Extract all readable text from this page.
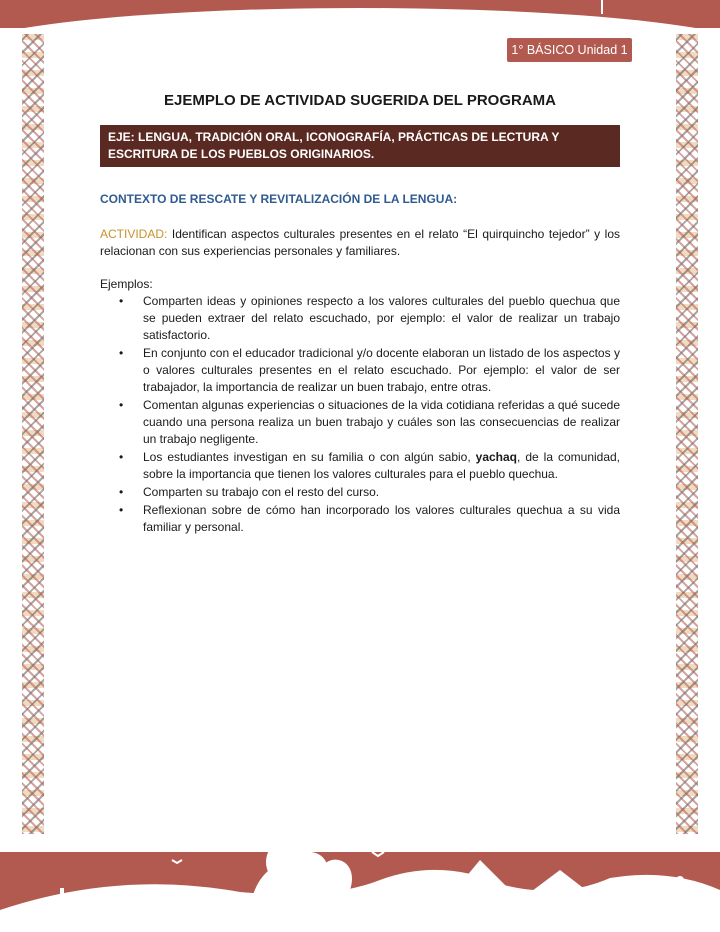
1° BÁSICO Unidad 1
EJEMPLO DE ACTIVIDAD SUGERIDA DEL PROGRAMA
EJE: LENGUA, TRADICIÓN ORAL, ICONOGRAFÍA, PRÁCTICAS DE LECTURA Y ESCRITURA DE LOS PUEBLOS ORIGINARIOS.
CONTEXTO DE RESCATE Y REVITALIZACIÓN DE LA LENGUA:

ACTIVIDAD: Identifican aspectos culturales presentes en el relato “El quirquincho tejedor” y los relacionan con sus experiencias personales y familiares.

Ejemplos:
• Comparten ideas y opiniones respecto a los valores culturales del pueblo quechua que se pueden extraer del relato escuchado, por ejemplo: el valor de realizar un trabajo satisfactorio.
• En conjunto con el educador tradicional y/o docente elaboran un listado de los aspectos y o valores culturales presentes en el relato escuchado. Por ejemplo: el valor de ser trabajador, la importancia de realizar un buen trabajo, entre otras.
• Comentan algunas experiencias o situaciones de la vida cotidiana referidas a qué sucede cuando una persona realiza un buen trabajo y cuáles son las consecuencias de realizar un trabajo negligente.
• Los estudiantes investigan en su familia o con algún sabio, yachaq, de la comunidad, sobre la importancia que tienen los valores culturales para el pueblo quechua.
• Comparten su trabajo con el resto del curso.
• Reflexionan sobre de cómo han incorporado los valores culturales quechua a su vida familiar y personal.
